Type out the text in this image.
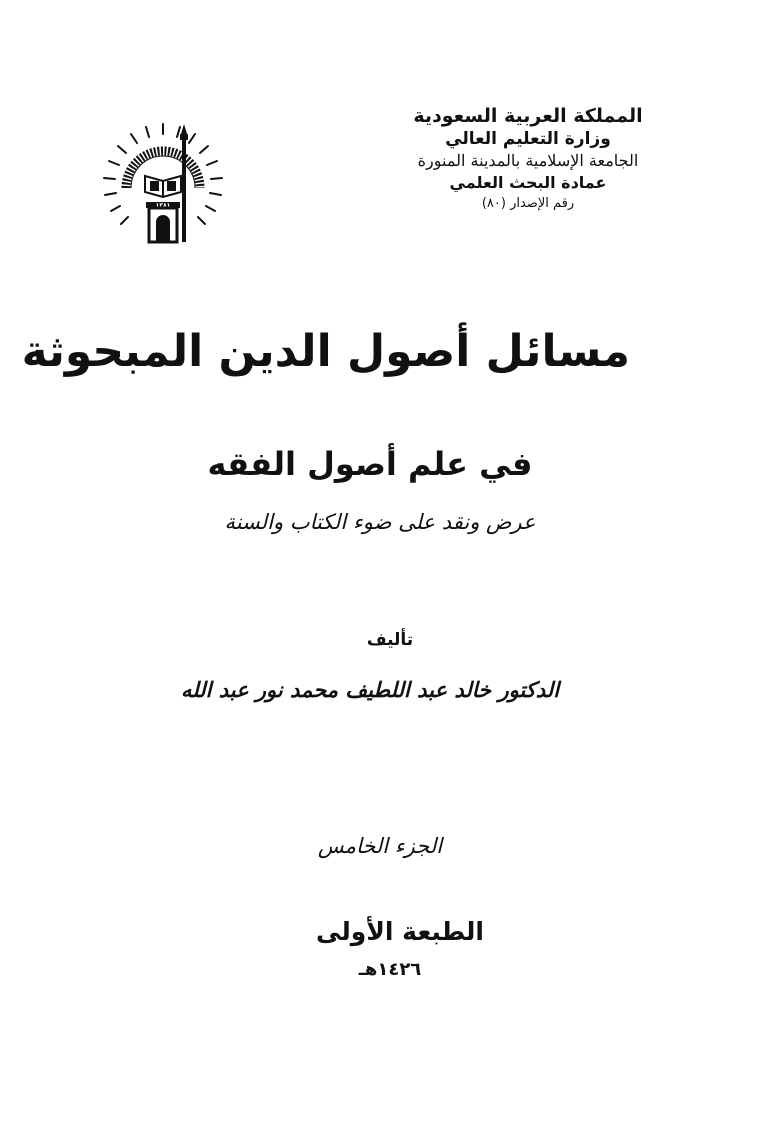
المملكة العربية السعودية
وزارة التعليم العالي
الجامعة الإسلامية بالمدينة المنورة
عمادة البحث العلمي
رقم الإصدار (٨٠)
١٣٨١
مسائل أصول الدين المبحوثة
في علم أصول الفقه
عرض ونقد على ضوء الكتاب والسنة
تأليف
الدكتور خالد عبد اللطيف محمد نور عبد الله
الجزء الخامس
الطبعة الأولى
١٤٢٦هـ
